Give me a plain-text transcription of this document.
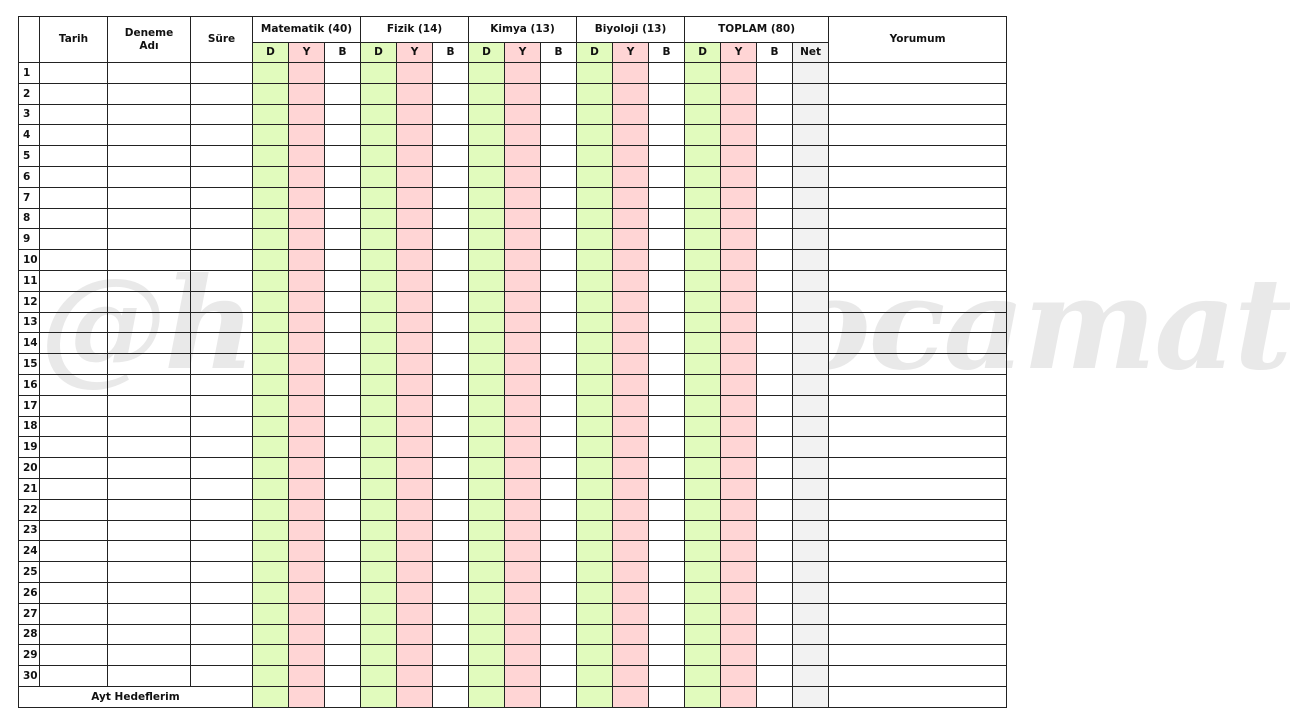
	Tarih	Deneme
Adı	Süre	Matematik (40)			Fizik (14)			Kimya (13)			Biyoloji (13)			TOPLAM (80)				Yorumum
				D	Y	B	D	Y	B	D	Y	B	D	Y	B	D	Y	B	Net	
1																				
2																				
3																				
4																				
5																				
6																				
7																				
8																				
9																				
10																				
11																				
12																				
13																				
14																				
15																				
16																				
17																				
18																				
19																				
20																				
21																				
22																				
23																				
24																				
25																				
26																				
27																				
28																				
29																				
30																				
Ayt Hedeflerim																				
